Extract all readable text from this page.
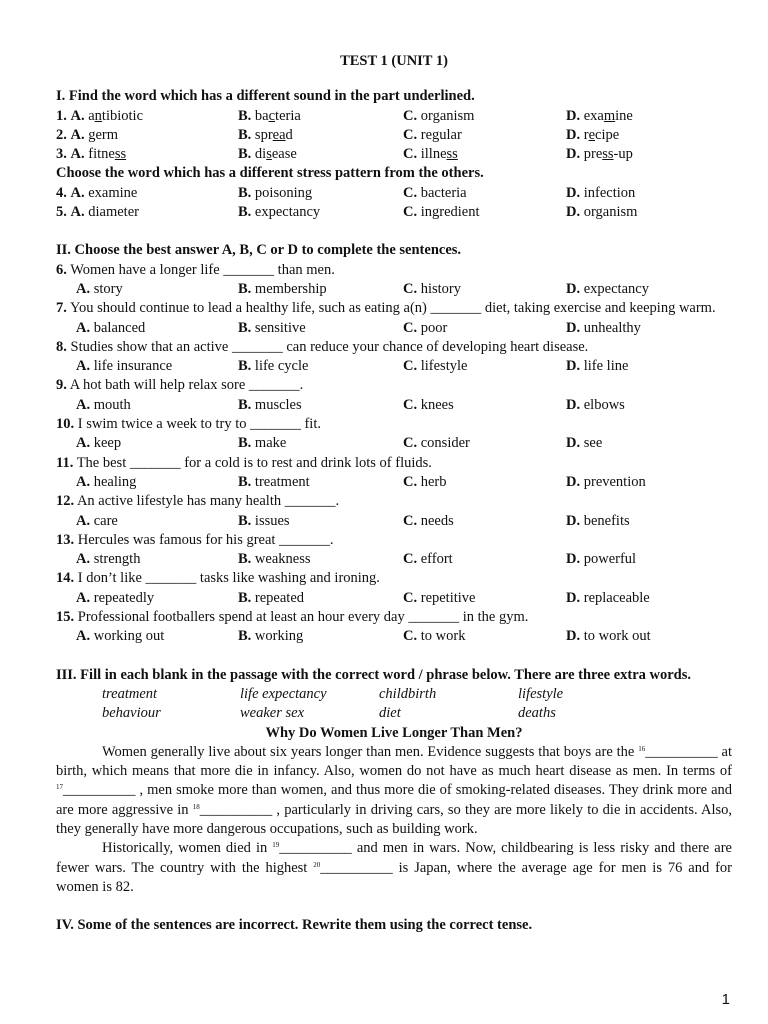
TEST 1 (UNIT 1)
I. Find the word which has a different sound in the part underlined.
1. A. antibiotic	B. bacteria	C. organism	D. examine
2. A. germ	B. spread	C. regular	D. recipe
3. A. fitness	B. disease	C. illness	D. press-up
Choose the word which has a different stress pattern from the others.
4. A. examine	B. poisoning	C. bacteria	D. infection
5. A. diameter	B. expectancy	C. ingredient	D. organism
II. Choose the best answer A, B, C or D to complete the sentences.
6. Women have a longer life _______ than men.
A. story	B. membership	C. history	D. expectancy
7. You should continue to lead a healthy life, such as eating a(n) _______ diet, taking exercise and keeping warm.
A. balanced	B. sensitive	C. poor	D. unhealthy
8. Studies show that an active _______ can reduce your chance of developing heart disease.
A. life insurance	B. life cycle	C. lifestyle	D. life line
9. A hot bath will help relax sore _______.
A. mouth	B. muscles	C. knees	D. elbows
10. I swim twice a week to try to _______ fit.
A. keep	B. make	C. consider	D. see
11. The best _______ for a cold is to rest and drink lots of fluids.
A. healing	B. treatment	C. herb	D. prevention
12. An active lifestyle has many health _______.
A. care	B. issues	C. needs	D. benefits
13. Hercules was famous for his great _______.
A. strength	B. weakness	C. effort	D. powerful
14. I don’t like _______ tasks like washing and ironing.
A. repeatedly	B. repeated	C. repetitive	D. replaceable
15. Professional footballers spend at least an hour every day _______ in the gym.
A. working out	B. working	C. to work	D. to work out
III. Fill in each blank in the passage with the correct word / phrase below. There are three extra words.
treatment	life expectancy	childbirth	lifestyle
behaviour	weaker sex	diet	deaths
Why Do Women Live Longer Than Men?
Women generally live about six years longer than men. Evidence suggests that boys are the $^{16}$__________ at birth, which means that more die in infancy. Also, women do not have as much heart disease as men. In terms of $^{17}$__________ , men smoke more than women, and thus more die of smoking-related diseases. They drink more and are more aggressive in $^{18}$__________ , particularly in driving cars, so they are more likely to die in accidents. Also, they generally have more dangerous occupations, such as building work.
Historically, women died in $^{19}$__________ and men in wars. Now, childbearing is less risky and there are fewer wars. The country with the highest $^{20}$__________ is Japan, where the average age for men is 76 and for women is 82.
IV. Some of the sentences are incorrect. Rewrite them using the correct tense.
1
